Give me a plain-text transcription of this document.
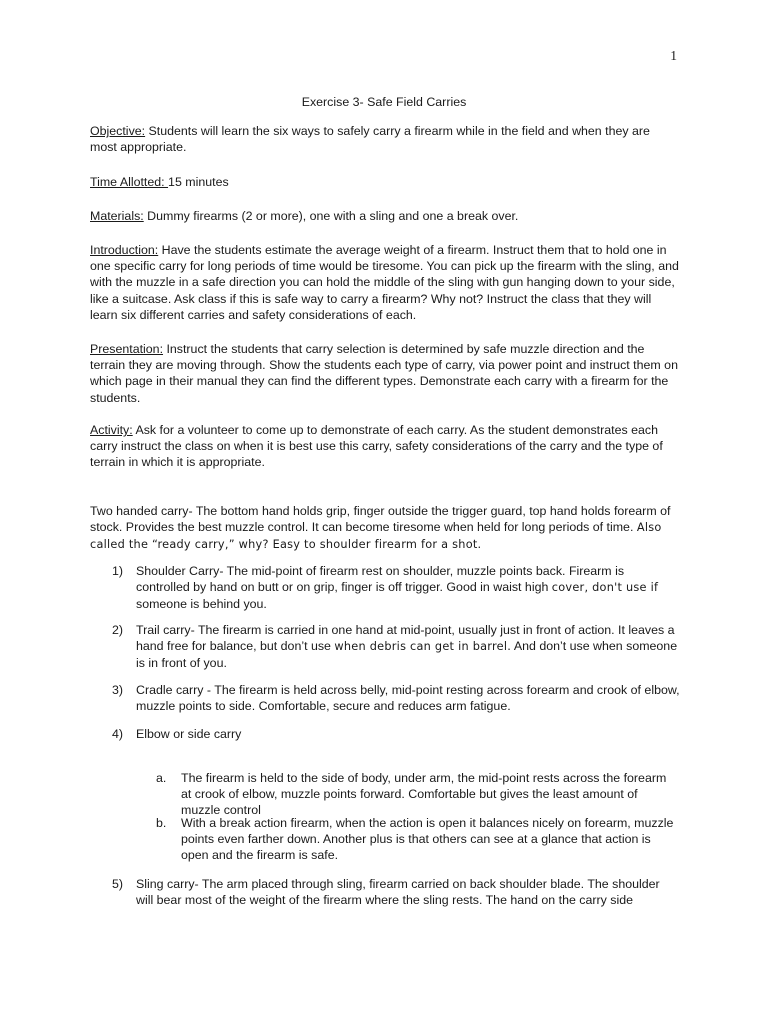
1
Exercise 3- Safe Field Carries

Objective: Students will learn the six ways to safely carry a firearm while in the field and when they are most appropriate.

Time Allotted: 15 minutes

Materials: Dummy firearms (2 or more), one with a sling and one a break over.

Introduction: Have the students estimate the average weight of a firearm. Instruct them that to hold one in one specific carry for long periods of time would be tiresome. You can pick up the firearm with the sling, and with the muzzle in a safe direction you can hold the middle of the sling with gun hanging down to your side, like a suitcase. Ask class if this is safe way to carry a firearm? Why not? Instruct the class that they will learn six different carries and safety considerations of each.

Presentation: Instruct the students that carry selection is determined by safe muzzle direction and the terrain they are moving through. Show the students each type of carry, via power point and instruct them on which page in their manual they can find the different types. Demonstrate each carry with a firearm for the students.

Activity: Ask for a volunteer to come up to demonstrate of each carry. As the student demonstrates each carry instruct the class on when it is best use this carry, safety considerations of the carry and the type of terrain in which it is appropriate.

Two handed carry- The bottom hand holds grip, finger outside the trigger guard, top hand holds forearm of stock. Provides the best muzzle control. It can become tiresome when held for long periods of time. Also called the “ready carry,” why? Easy to shoulder firearm for a shot.

1)	Shoulder Carry- The mid-point of firearm rest on shoulder, muzzle points back. Firearm is controlled by hand on butt or on grip, finger is off trigger. Good in waist high cover, don't use if someone is behind you.
2)	Trail carry- The firearm is carried in one hand at mid-point, usually just in front of action. It leaves a hand free for balance, but don’t use when debris can get in barrel. And don’t use when someone is in front of you.
3)	Cradle carry - The firearm is held across belly, mid-point resting across forearm and crook of elbow, muzzle points to side. Comfortable, secure and reduces arm fatigue.
4)	Elbow or side carry
a.	The firearm is held to the side of body, under arm, the mid-point rests across the forearm at crook of elbow, muzzle points forward. Comfortable but gives the least amount of muzzle control
b.	With a break action firearm, when the action is open it balances nicely on forearm, muzzle points even farther down. Another plus is that others can see at a glance that action is open and the firearm is safe.
5)	Sling carry- The arm placed through sling, firearm carried on back shoulder blade. The shoulder will bear most of the weight of the firearm where the sling rests. The hand on the carry side
